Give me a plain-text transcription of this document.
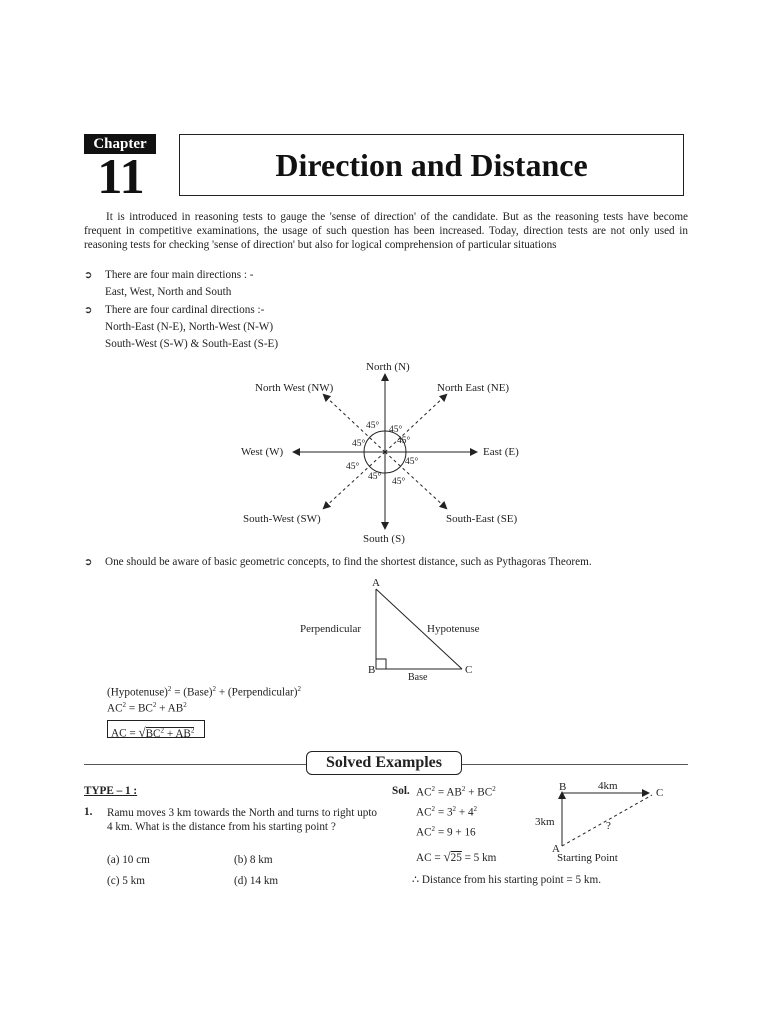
Chapter
11	Direction and Distance
It is introduced in reasoning tests to gauge the 'sense of direction' of the candidate. But as the reasoning tests have become frequent in competitive examinations, the usage of such question has been increased. Today, direction tests are not only used in reasoning tests for checking 'sense of direction' but also for logical comprehension of particular situations
➲ There are four main directions : -
East, West, North and South
➲ There are four cardinal directions :-
North-East (N-E), North-West (N-W)
South-West (S-W) & South-East (S-E)
North (N)
South (S)
East (E)
West (W)
North East (NE)
North West (NW)
South-East (SE)
South-West (SW)
45° 45°
45°	45°
45°	45°
45° 45°
A
B	C
Perpendicular	Hypotenuse
Base
B	C
A
4km
3km	?
Starting Point
➲ One should be aware of basic geometric concepts, to find the shortest distance, such as Pythagoras Theorem.
(Hypotenuse)$^2$ = (Base)$^2$ + (Perpendicular)$^2$
$AC^2 = BC^2 + AB^2$
AC = $√BC^2 + AB^2$
Solved Examples
TYPE – 1 :
1. Ramu moves 3 km towards the North and turns to right upto 4 km. What is the distance from his starting point ?
(a) 10 cm	(b) 8 km
(c) 5 km	(d) 14 km
Sol. $AC^2 = AB^2 + BC^2$
$AC^2 = 3^2 + 4^2$
$AC^2 = 9 + 16$
AC = √25 = 5 km
∴ Distance from his starting point = 5 km.
